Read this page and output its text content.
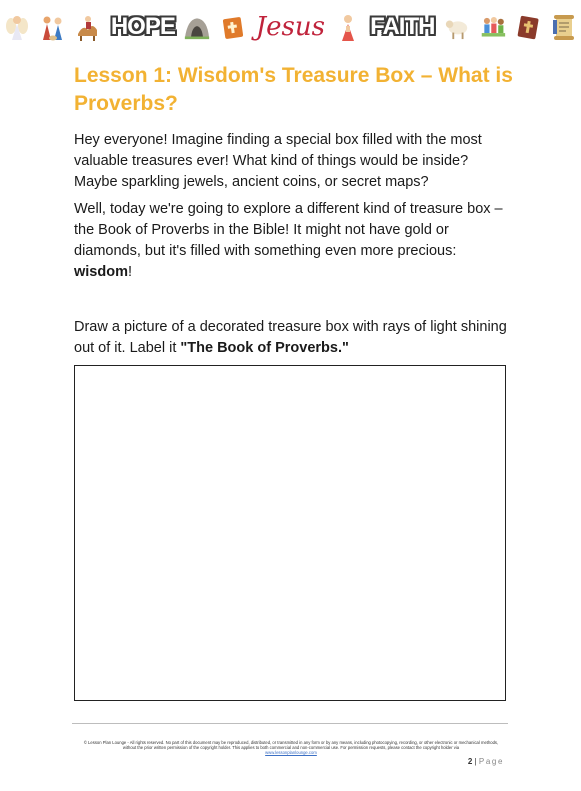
HOPE	Jesus FAITH
Lesson 1: Wisdom's Treasure Box – What is Proverbs?

Hey everyone! Imagine finding a special box filled with the most valuable treasures ever! What kind of things would be inside? Maybe sparkling jewels, ancient coins, or secret maps?

Well, today we're going to explore a different kind of treasure box – the Book of Proverbs in the Bible! It might not have gold or diamonds, but it's filled with something even more precious: wisdom!

Draw a picture of a decorated treasure box with rays of light shining out of it. Label it "The Book of Proverbs."

© Lesson Plan Lounge - All rights reserved. No part of this document may be reproduced, distributed, or transmitted in any form or by any means, including photocopying, recording, or other electronic or mechanical methods, without the prior written permission of the copyright holder. This applies to both commercial and non-commercial use. For permission requests, please contact the copyright holder via
www.lessonplanlounge.com

2 | Page
